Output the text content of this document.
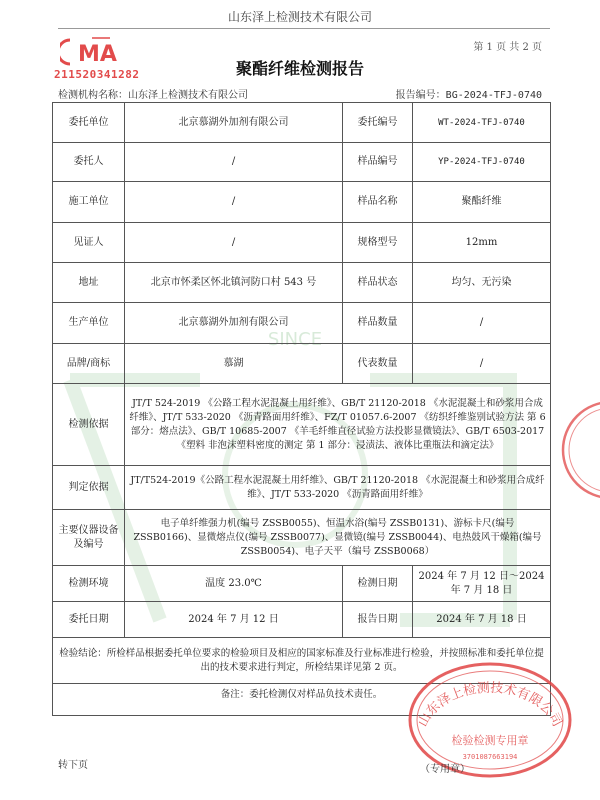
山东泽上检测技术有限公司
MA
211520341282
第 1 页 共 2 页
聚酯纤维检测报告
检测机构名称：山东泽上检测技术有限公司	报告编号：BG-2024-TFJ-0740
SINCE
委托单位	北京慕湖外加剂有限公司	委托编号	WT-2024-TFJ-0740
委托人	/	样品编号	YP-2024-TFJ-0740
施工单位	/	样品名称	聚酯纤维
见证人	/	规格型号	12mm
地址	北京市怀柔区怀北镇河防口村 543 号	样品状态	均匀、无污染
生产单位	北京慕湖外加剂有限公司	样品数量	/
品牌/商标	慕湖	代表数量	/
检测依据	JT/T 524-2019 《公路工程水泥混凝土用纤维》、GB/T 21120-2018 《水泥混凝土和砂浆用合成纤维》、JT/T 533-2020 《沥青路面用纤维》、FZ/T 01057.6-2007 《纺织纤维鉴别试验方法 第 6 部分：熔点法》、GB/T 10685-2007 《羊毛纤维直径试验方法投影显微镜法》、GB/T 6503-2017 《塑料 非泡沫塑料密度的测定 第 1 部分：浸渍法、液体比重瓶法和滴定法》		
判定依据	JT/T524-2019《公路工程水泥混凝土用纤维》、GB/T 21120-2018 《水泥混凝土和砂浆用合成纤维》、JT/T 533-2020 《沥青路面用纤维》		
主要仪器设备及编号	电子单纤维强力机(编号 ZSSB0055)、恒温水浴(编号 ZSSB0131)、游标卡尺(编号 ZSSB0166)、显微熔点仪(编号 ZSSB0077)、显微镜(编号 ZSSB0044)、电热鼓风干燥箱(编号 ZSSB0054)、电子天平（编号 ZSSB0068）		
检测环境	温度 23.0℃	检测日期	2024 年 7 月 12 日～2024 年 7 月 18 日
委托日期	2024 年 7 月 12 日	报告日期	2024 年 7 月 18 日
检验结论：所检样品根据委托单位要求的检验项目及相应的国家标准及行业标准进行检验，并按照标准和委托单位提出的技术要求进行判定，所检结果详见第 2 页。			
备注：委托检测仅对样品负技术责任。			
山东泽上检测技术有限公司
检验检测专用章
3701087663194
转下页	（专用章）
